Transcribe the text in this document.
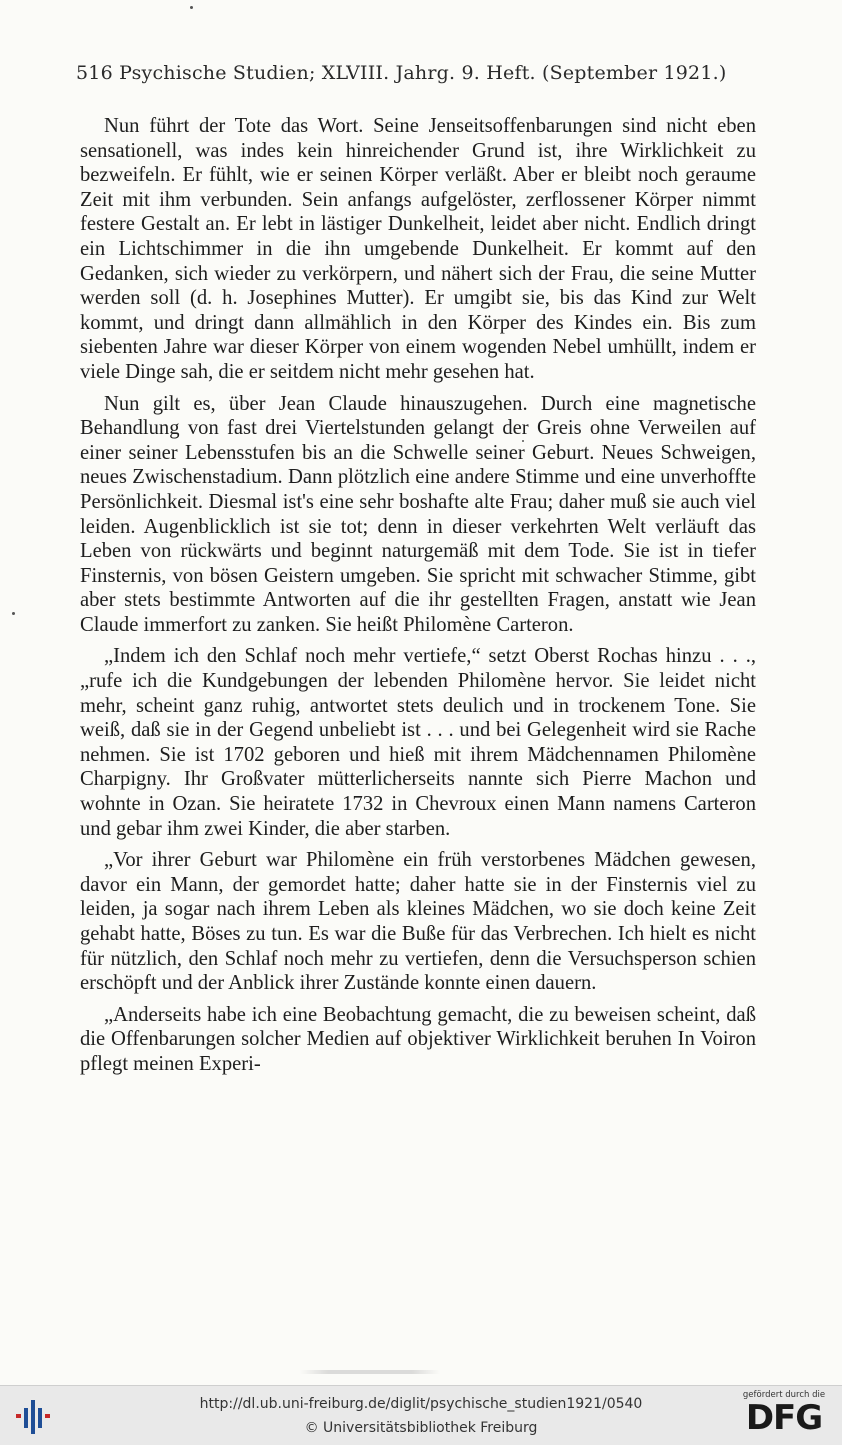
516 Psychische Studien; XLVIII. Jahrg. 9. Heft. (September 1921.)

Nun führt der Tote das Wort. Seine Jenseitsoffenbarungen sind nicht eben sensationell, was indes kein hinreichender Grund ist, ihre Wirklichkeit zu bezweifeln. Er fühlt, wie er seinen Körper verläßt. Aber er bleibt noch geraume Zeit mit ihm verbunden. Sein anfangs aufgelöster, zerflossener Körper nimmt festere Gestalt an. Er lebt in lästiger Dunkelheit, leidet aber nicht. Endlich dringt ein Lichtschimmer in die ihn umgebende Dunkelheit. Er kommt auf den Gedanken, sich wieder zu verkörpern, und nähert sich der Frau, die seine Mutter werden soll (d. h. Josephines Mutter). Er umgibt sie, bis das Kind zur Welt kommt, und dringt dann allmählich in den Körper des Kindes ein. Bis zum siebenten Jahre war dieser Körper von einem wogenden Nebel umhüllt, indem er viele Dinge sah, die er seitdem nicht mehr gesehen hat.

Nun gilt es, über Jean Claude hinauszugehen. Durch eine magnetische Behandlung von fast drei Viertelstunden gelangt der Greis ohne Verweilen auf einer seiner Lebensstufen bis an die Schwelle seiner Geburt. Neues Schweigen, neues Zwischenstadium. Dann plötzlich eine andere Stimme und eine unverhoffte Persönlichkeit. Diesmal ist's eine sehr boshafte alte Frau; daher muß sie auch viel leiden. Augenblicklich ist sie tot; denn in dieser verkehrten Welt verläuft das Leben von rückwärts und beginnt naturgemäß mit dem Tode. Sie ist in tiefer Finsternis, von bösen Geistern umgeben. Sie spricht mit schwacher Stimme, gibt aber stets bestimmte Antworten auf die ihr gestellten Fragen, anstatt wie Jean Claude immerfort zu zanken. Sie heißt Philomène Carteron.

„Indem ich den Schlaf noch mehr vertiefe,“ setzt Oberst Rochas hinzu . . ., „rufe ich die Kundgebungen der lebenden Philomène hervor. Sie leidet nicht mehr, scheint ganz ruhig, antwortet stets deulich und in trockenem Tone. Sie weiß, daß sie in der Gegend unbeliebt ist . . . und bei Gelegenheit wird sie Rache nehmen. Sie ist 1702 geboren und hieß mit ihrem Mädchennamen Philomène Charpigny. Ihr Großvater mütterlicherseits nannte sich Pierre Machon und wohnte in Ozan. Sie heiratete 1732 in Chevroux einen Mann namens Carteron und gebar ihm zwei Kinder, die aber starben.

„Vor ihrer Geburt war Philomène ein früh verstorbenes Mädchen gewesen, davor ein Mann, der gemordet hatte; daher hatte sie in der Finsternis viel zu leiden, ja sogar nach ihrem Leben als kleines Mädchen, wo sie doch keine Zeit gehabt hatte, Böses zu tun. Es war die Buße für das Verbrechen. Ich hielt es nicht für nützlich, den Schlaf noch mehr zu vertiefen, denn die Versuchsperson schien erschöpft und der Anblick ihrer Zustände konnte einen dauern.

„Anderseits habe ich eine Beobachtung gemacht, die zu beweisen scheint, daß die Offenbarungen solcher Medien auf objektiver Wirklichkeit beruhen In Voiron pflegt meinen Experi-

http://dl.ub.uni-freiburg.de/diglit/psychische_studien1921/0540
© Universitätsbibliothek Freiburg
gefördert durch die
DFG
